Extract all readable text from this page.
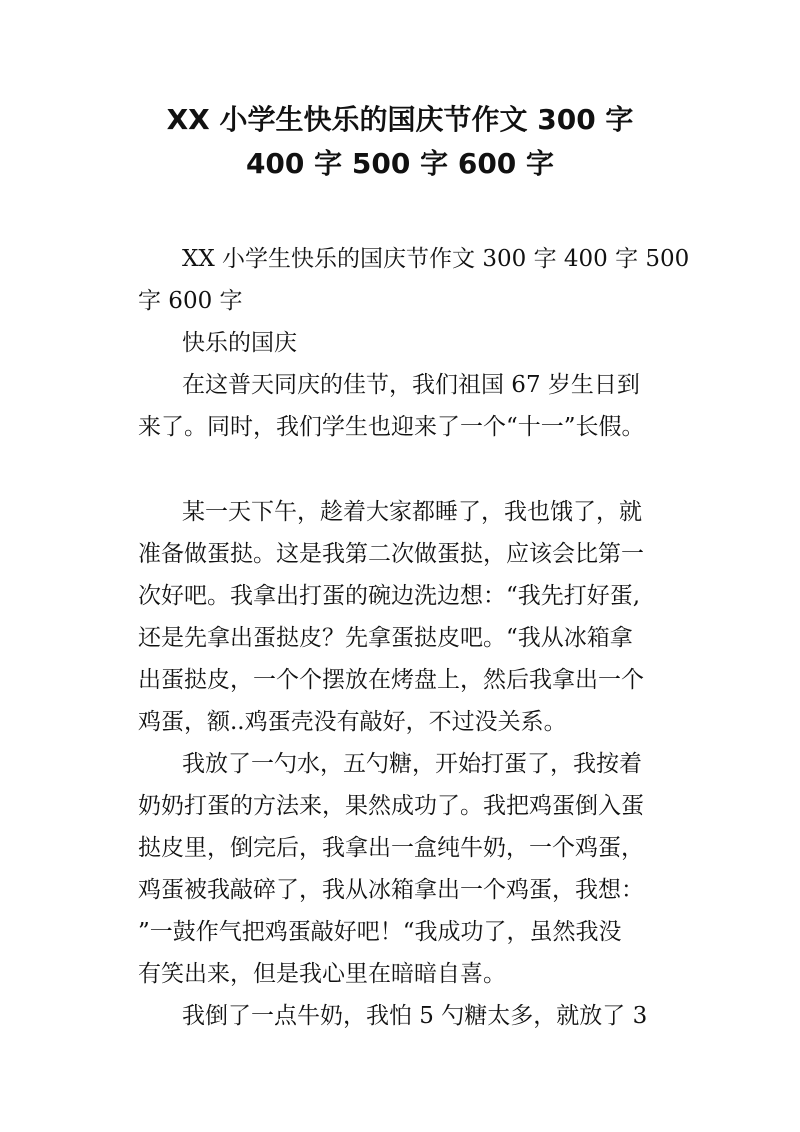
XX 小学生快乐的国庆节作文 300 字
400 字 500 字 600 字

XX 小学生快乐的国庆节作文 300 字 400 字 500

字 600 字

快乐的国庆

在这普天同庆的佳节，我们祖国 67 岁生日到

来了。同时，我们学生也迎来了一个“十一”长假。

某一天下午，趁着大家都睡了，我也饿了，就

准备做蛋挞。这是我第二次做蛋挞，应该会比第一

次好吧。我拿出打蛋的碗边洗边想：“我先打好蛋,

还是先拿出蛋挞皮？先拿蛋挞皮吧。“我从冰箱拿

出蛋挞皮，一个个摆放在烤盘上，然后我拿出一个

鸡蛋，额..鸡蛋壳没有敲好，不过没关系。

我放了一勺水，五勺糖，开始打蛋了，我按着

奶奶打蛋的方法来，果然成功了。我把鸡蛋倒入蛋

挞皮里，倒完后，我拿出一盒纯牛奶，一个鸡蛋，

鸡蛋被我敲碎了，我从冰箱拿出一个鸡蛋，我想：

”一鼓作气把鸡蛋敲好吧！“我成功了，虽然我没

有笑出来，但是我心里在暗暗自喜。

我倒了一点牛奶，我怕 5 勺糖太多，就放了 3
